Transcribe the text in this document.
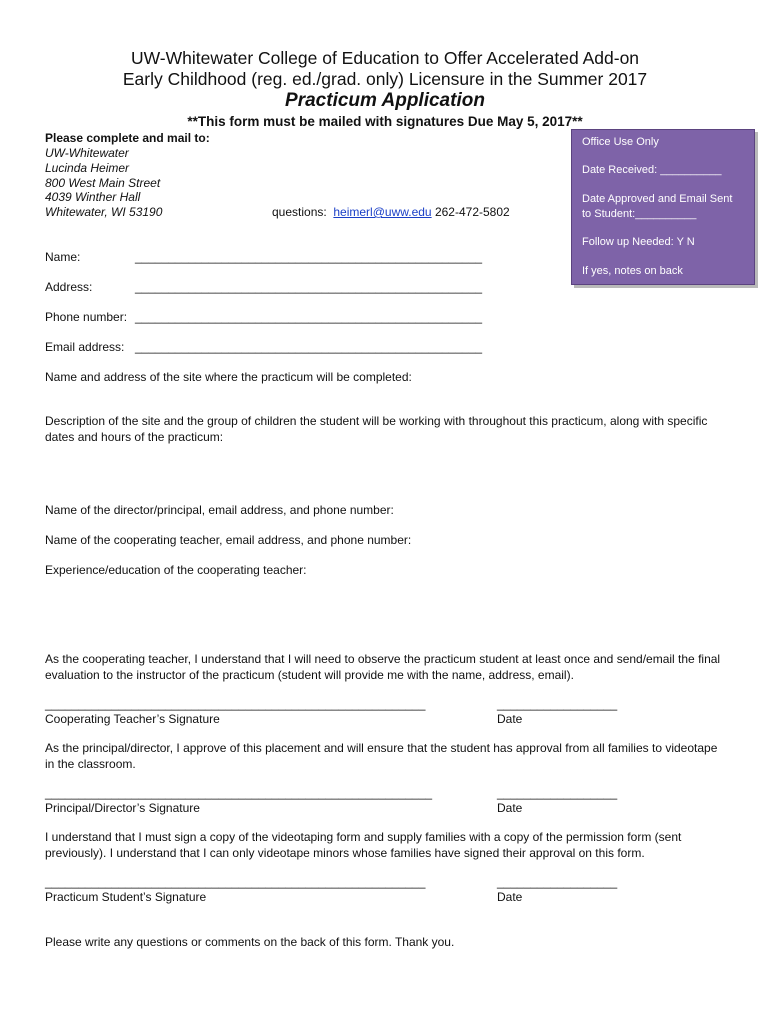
UW-Whitewater College of Education to Offer Accelerated Add-on
Early Childhood (reg. ed./grad. only) Licensure in the Summer 2017
Practicum Application
**This form must be mailed with signatures Due May 5, 2017**
Please complete and mail to:
UW-Whitewater
Lucinda Heimer
800 West Main Street
4039 Winther Hall
Whitewater, WI 53190	questions: heimerl@uww.edu 262-472-5802
Office Use Only
Date Received: __________
Date Approved and Email Sent
to Student:__________
Follow up Needed: Y N
If yes, notes on back
Name:	____________________________________________________
Address:	____________________________________________________
Phone number: ____________________________________________________
Email address: ____________________________________________________
Name and address of the site where the practicum will be completed:
Description of the site and the group of children the student will be working with throughout this practicum, along with specific dates and hours of the practicum:
Name of the director/principal, email address, and phone number:
Name of the cooperating teacher, email address, and phone number:
Experience/education of the cooperating teacher:
As the cooperating teacher, I understand that I will need to observe the practicum student at least once and send/email the final evaluation to the instructor of the practicum (student will provide me with the name, address, email).
_________________________________________________________	__________________
Cooperating Teacher’s Signature	Date
As the principal/director, I approve of this placement and will ensure that the student has approval from all families to videotape in the classroom.
__________________________________________________________	__________________
Principal/Director’s Signature	Date
I understand that I must sign a copy of the videotaping form and supply families with a copy of the permission form (sent previously). I understand that I can only videotape minors whose families have signed their approval on this form.
_________________________________________________________	__________________
Practicum Student’s Signature	Date
Please write any questions or comments on the back of this form. Thank you.
